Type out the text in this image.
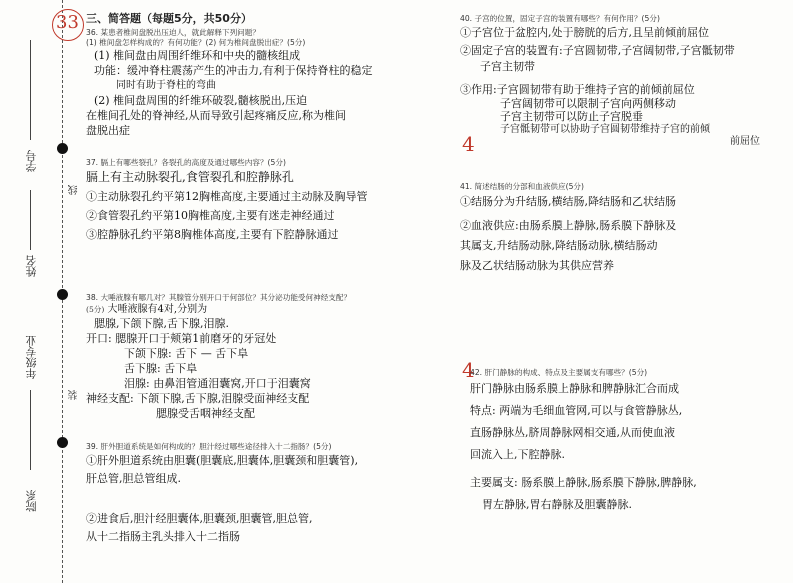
学号
姓名
年级专业
院系
线
装
33
4
4
三、简答题（每题5分，共50分）
36. 某患者椎间盘脱出压迫人，就此解释下列问题？
(1) 椎间盘怎样构成的？有何功能？(2) 何为椎间盘脱出症？(5分)
(1) 椎间盘由周围纤维环和中央的髓核组成
功能：缓冲脊柱震荡产生的冲击力,有利于保持脊柱的稳定
同时有助于脊柱的弯曲
(2) 椎间盘周围的纤维环破裂,髓核脱出,压迫
在椎间孔处的脊神经,从而导致引起疼痛反应,称为椎间
盘脱出症
37. 膈上有哪些裂孔？各裂孔的高度及通过哪些内容？(5分)
膈上有主动脉裂孔,食管裂孔和腔静脉孔
①主动脉裂孔约平第12胸椎高度,主要通过主动脉及胸导管
②食管裂孔约平第10胸椎高度,主要有迷走神经通过
③腔静脉孔约平第8胸椎体高度,主要有下腔静脉通过
38. 大唾液腺有哪几对？其腺管分别开口于何部位？其分泌功能受何神经支配？
(5分) 大唾液腺有4对,分别为
腮腺,下颌下腺,舌下腺,泪腺.
开口: 腮腺开口于颊第1前磨牙的牙冠处
下颌下腺: 舌下 — 舌下阜
舌下腺: 舌下阜
泪腺: 由鼻泪管通泪囊窝,开口于泪囊窝
神经支配: 下颌下腺,舌下腺,泪腺受面神经支配
腮腺受舌咽神经支配
39. 肝外胆道系统是如何构成的？胆汁经过哪些途径排入十二指肠？(5分)
①肝外胆道系统由胆囊(胆囊底,胆囊体,胆囊颈和胆囊管),
肝总管,胆总管组成.
②进食后,胆汁经胆囊体,胆囊颈,胆囊管,胆总管,
从十二指肠主乳头排入十二指肠
40. 子宫的位置，固定子宫的装置有哪些？有何作用？(5分)
①子宫位于盆腔内,处于膀胱的后方,且呈前倾前屈位
②固定子宫的装置有:子宫圆韧带,子宫阔韧带,子宫骶韧带
子宫主韧带
③作用:子宫圆韧带有助于维持子宫的前倾前屈位
子宫阔韧带可以限制子宫向两侧移动
子宫主韧带可以防止子宫脱垂
子宫骶韧带可以协助子宫圆韧带维持子宫的前倾
前屈位
41. 简述结肠的分部和血液供应(5分)
①结肠分为升结肠,横结肠,降结肠和乙状结肠
②血液供应:由肠系膜上静脉,肠系膜下静脉及
其属支,升结肠动脉,降结肠动脉,横结肠动
脉及乙状结肠动脉为其供应营养
42. 肝门静脉的构成、特点及主要属支有哪些？(5分)
肝门静脉由肠系膜上静脉和脾静脉汇合而成
特点: 两端为毛细血管网,可以与食管静脉丛,
直肠静脉丛,脐周静脉网相交通,从而使血液
回流入上,下腔静脉.
主要属支: 肠系膜上静脉,肠系膜下静脉,脾静脉,
胃左静脉,胃右静脉及胆囊静脉.
